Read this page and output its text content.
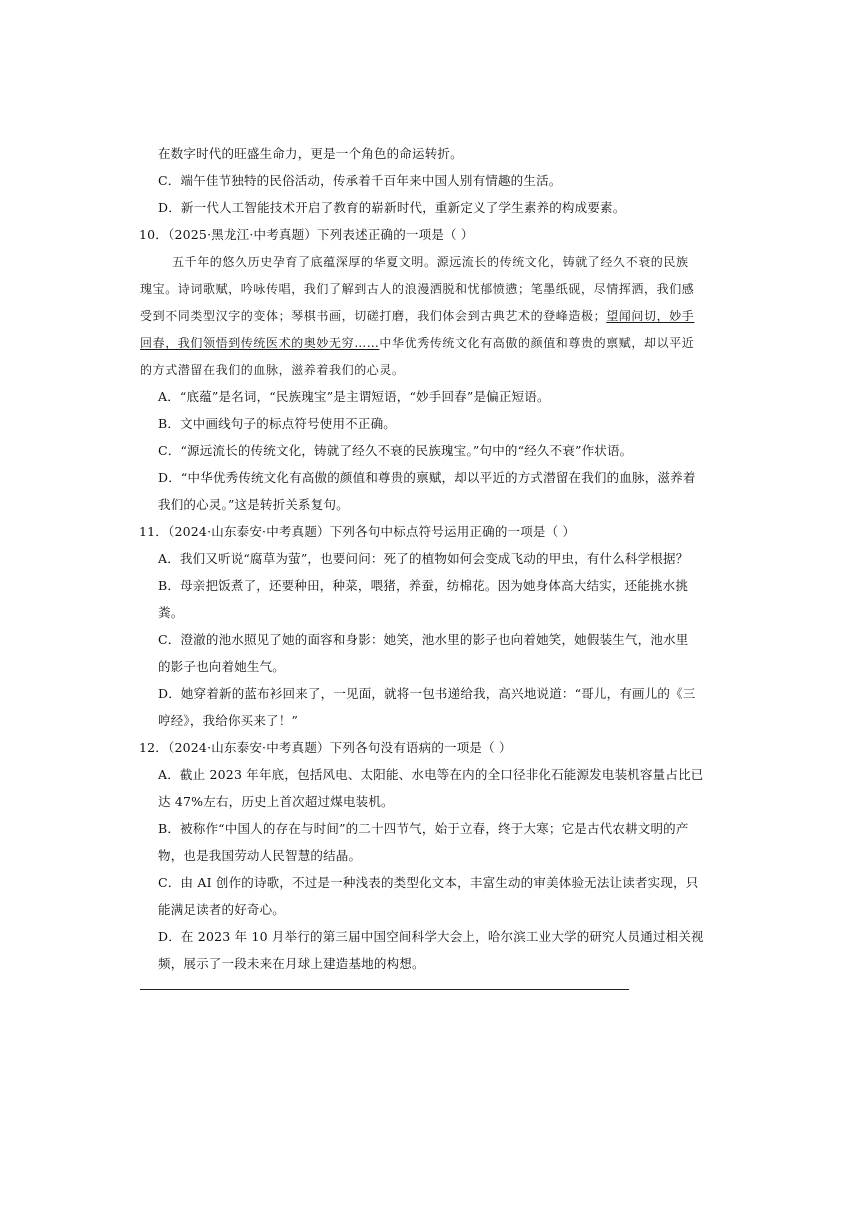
在数字时代的旺盛生命力，更是一个角色的命运转折。
C．端午佳节独特的民俗活动，传承着千百年来中国人别有情趣的生活。
D．新一代人工智能技术开启了教育的崭新时代，重新定义了学生素养的构成要素。
10．（2025·黑龙江·中考真题）下列表述正确的一项是（ ）
五千年的悠久历史孕育了底蕴深厚的华夏文明。源远流长的传统文化，铸就了经久不衰的民族
瑰宝。诗词歌赋，吟咏传唱，我们了解到古人的浪漫洒脱和忧郁愤懑；笔墨纸砚，尽情挥洒，我们感
受到不同类型汉字的变体；琴棋书画，切磋打磨，我们体会到古典艺术的登峰造极；望闻问切，妙手
回春，我们领悟到传统医术的奥妙无穷……中华优秀传统文化有高傲的颜值和尊贵的禀赋，却以平近
的方式潜留在我们的血脉，滋养着我们的心灵。
A．“底蕴”是名词，“民族瑰宝”是主谓短语，“妙手回春”是偏正短语。
B．文中画线句子的标点符号使用不正确。
C．“源远流长的传统文化，铸就了经久不衰的民族瑰宝。”句中的“经久不衰”作状语。
D．“中华优秀传统文化有高傲的颜值和尊贵的禀赋，却以平近的方式潜留在我们的血脉，滋养着
我们的心灵。”这是转折关系复句。
11．（2024·山东泰安·中考真题）下列各句中标点符号运用正确的一项是（ ）
A．我们又听说“腐草为萤”，也要问问：死了的植物如何会变成飞动的甲虫，有什么科学根据？
B．母亲把饭煮了，还要种田，种菜，喂猪，养蚕，纺棉花。因为她身体高大结实，还能挑水挑
粪。
C．澄澈的池水照见了她的面容和身影：她笑，池水里的影子也向着她笑，她假装生气，池水里
的影子也向着她生气。
D．她穿着新的蓝布衫回来了，一见面，就将一包书递给我，高兴地说道：“哥儿，有画儿的《三
哼经》，我给你买来了！”
12．（2024·山东泰安·中考真题）下列各句没有语病的一项是（ ）
A．截止 2023 年年底，包括风电、太阳能、水电等在内的全口径非化石能源发电装机容量占比已
达 47%左右，历史上首次超过煤电装机。
B．被称作“中国人的存在与时间”的二十四节气，始于立春，终于大寒；它是古代农耕文明的产
物，也是我国劳动人民智慧的结晶。
C．由 AI 创作的诗歌，不过是一种浅表的类型化文本，丰富生动的审美体验无法让读者实现，只
能满足读者的好奇心。
D．在 2023 年 10 月举行的第三届中国空间科学大会上，哈尔滨工业大学的研究人员通过相关视
频，展示了一段未来在月球上建造基地的构想。
